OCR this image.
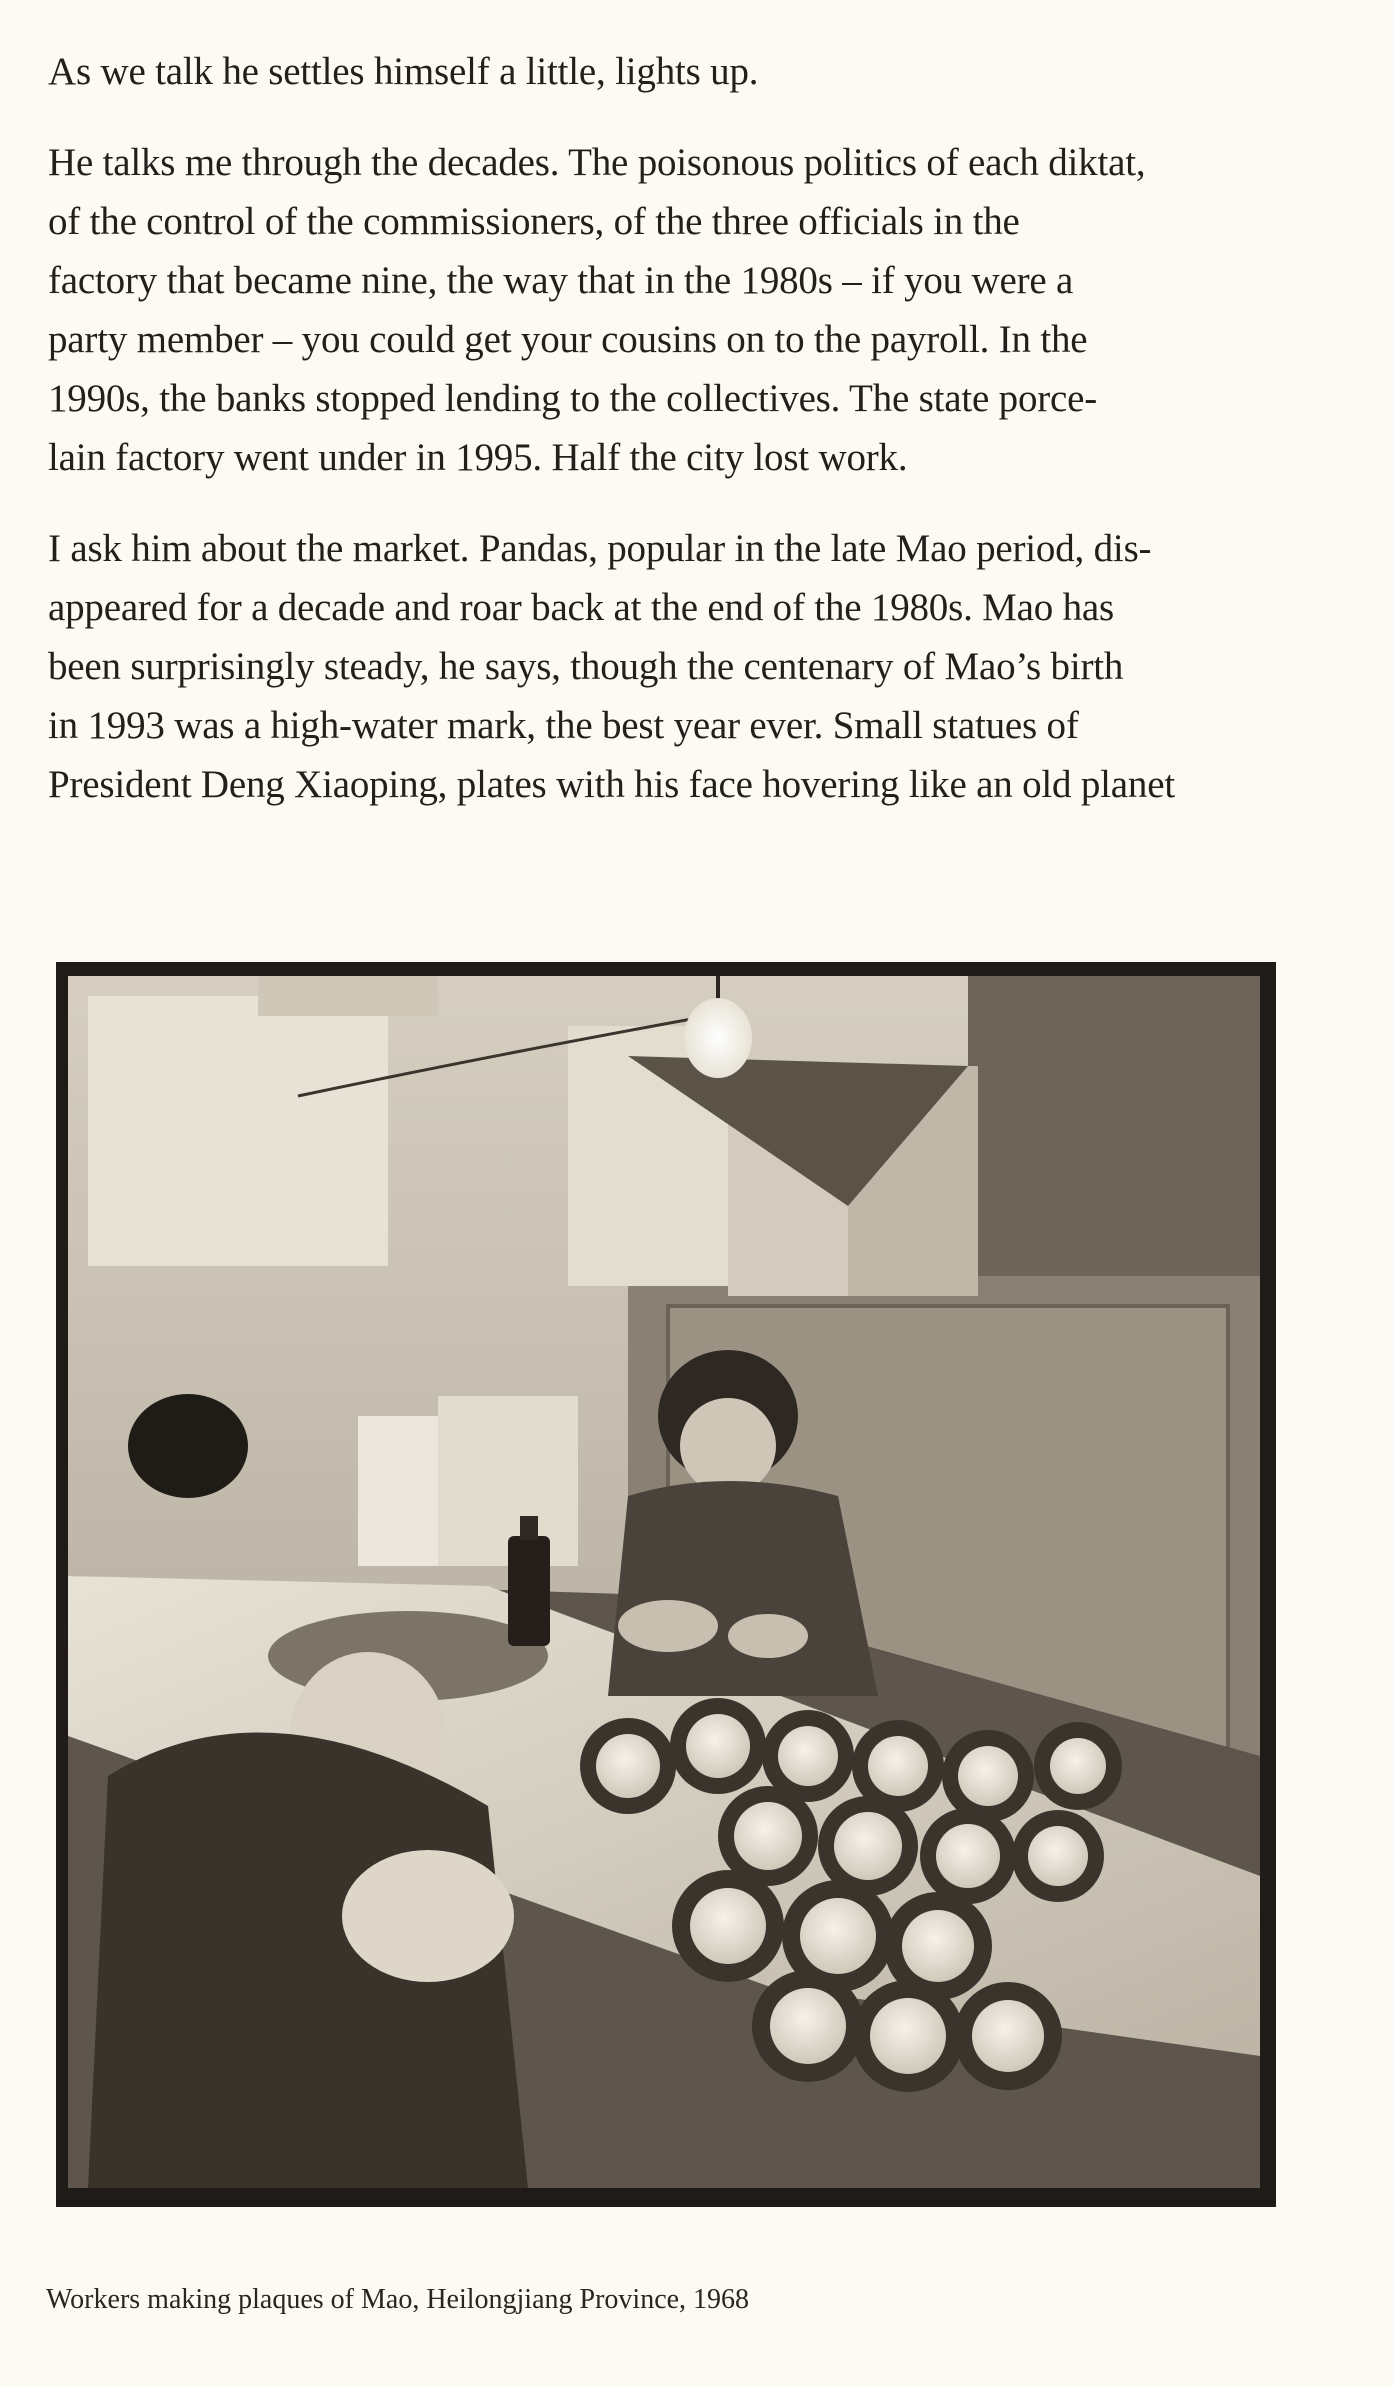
As we talk he settles himself a little, lights up.

He talks me through the decades. The poisonous politics of each diktat,
of the control of the commissioners, of the three officials in the
factory that became nine, the way that in the 1980s – if you were a
party member – you could get your cousins on to the payroll. In the
1990s, the banks stopped lending to the collectives. The state porce-
lain factory went under in 1995. Half the city lost work.

I ask him about the market. Pandas, popular in the late Mao period, dis-
appeared for a decade and roar back at the end of the 1980s. Mao has
been surprisingly steady, he says, though the centenary of Mao’s birth
in 1993 was a high-water mark, the best year ever. Small statues of
President Deng Xiaoping, plates with his face hovering like an old planet

Workers making plaques of Mao, Heilongjiang Province, 1968
